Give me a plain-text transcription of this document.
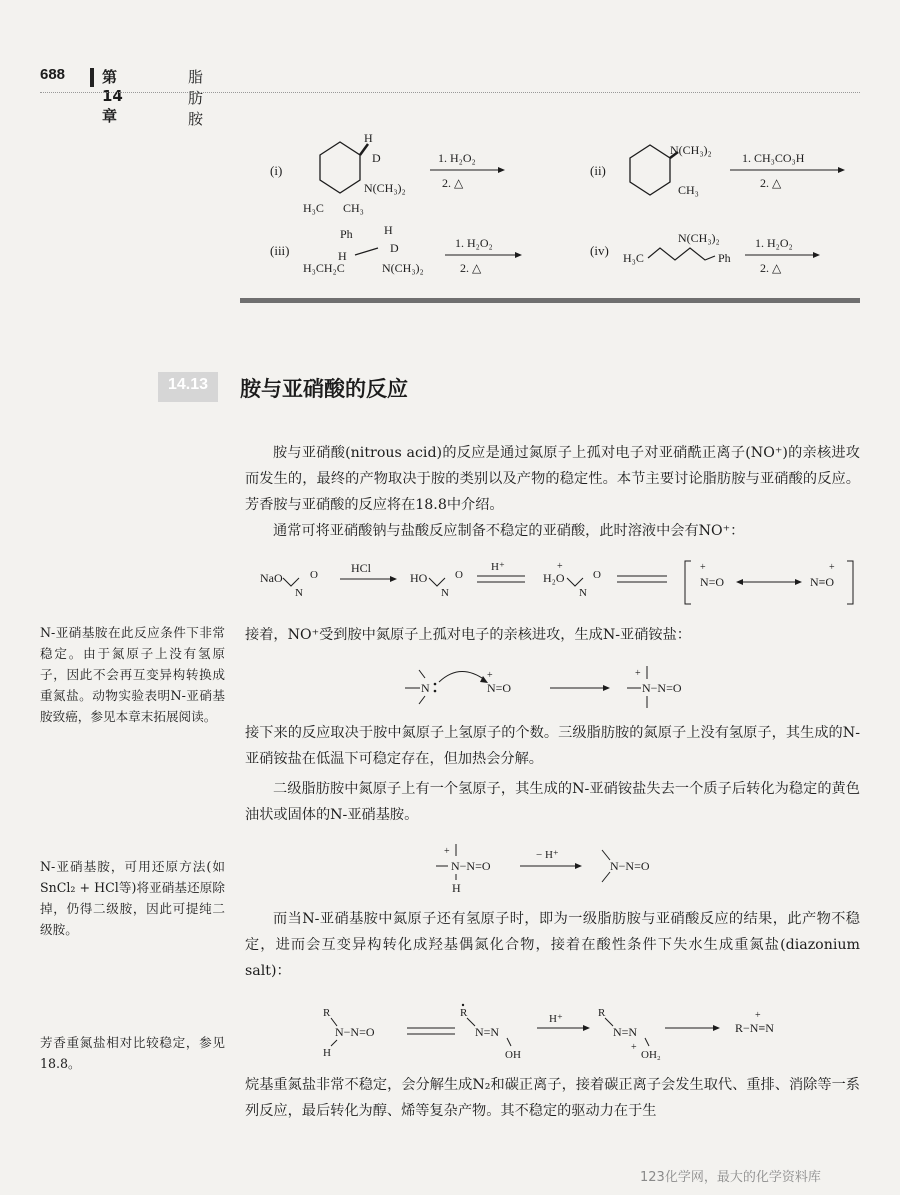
688 第14章
脂肪胺
(i)
H
D
N(CH₃)₂
H₃C CH₃
1. H₂O₂
2. △
(ii)
N(CH₃)₂
CH₃
1. CH₃CO₃H
2. △
(iii)
Ph
H
H
D
H₃CH₂C	N(CH₃)₂
1. H₂O₂
2. △
(iv)
N(CH₃)₂
H₃C	Ph
1. H₂O₂
2. △
14.13	胺与亚硝酸的反应
胺与亚硝酸(nitrous acid)的反应是通过氮原子上孤对电子对亚硝酰正离子(NO⁺)的亲核进攻而发生的，最终的产物取决于胺的类别以及产物的稳定性。本节主要讨论脂肪胺与亚硝酸的反应。芳香胺与亚硝酸的反应将在18.8中介绍。
通常可将亚硝酸钠与盐酸反应制备不稳定的亚硝酸，此时溶液中会有NO⁺：
NaO
N
O	HCl
HO
N
O
H⁺
H₂O
+
N
O
+
N=O
+
N≡O
N-亚硝基胺在此反应条件下非常稳定。由于氮原子上没有氢原子，因此不会再互变异构转换成重氮盐。动物实验表明N-亚硝基胺致癌，参见本章末拓展阅读。
接着，NO⁺受到胺中氮原子上孤对电子的亲核进攻，生成N-亚硝铵盐：
N
+
N=O
+
N−N=O
接下来的反应取决于胺中氮原子上氢原子的个数。三级脂肪胺的氮原子上没有氢原子，其生成的N-亚硝铵盐在低温下可稳定存在，但加热会分解。
二级脂肪胺中氮原子上有一个氢原子，其生成的N-亚硝铵盐失去一个质子后转化为稳定的黄色油状或固体的N-亚硝基胺。
N-亚硝基胺，可用还原方法(如SnCl₂ + HCl等)将亚硝基还原除掉，仍得二级胺，因此可提纯二级胺。
+
N−N=O
H
− H⁺
N−N=O
而当N-亚硝基胺中氮原子还有氢原子时，即为一级脂肪胺与亚硝酸反应的结果，此产物不稳定，进而会互变异构转化成羟基偶氮化合物，接着在酸性条件下失水生成重氮盐(diazonium salt)：
芳香重氮盐相对比较稳定，参见18.8。
R
N−N=O
H
R
N=N
OH
H⁺	R
N=N
+
OH₂
+
R−N≡N
烷基重氮盐非常不稳定，会分解生成N₂和碳正离子，接着碳正离子会发生取代、重排、消除等一系列反应，最后转化为醇、烯等复杂产物。其不稳定的驱动力在于生
123化学网，最大的化学资料库
